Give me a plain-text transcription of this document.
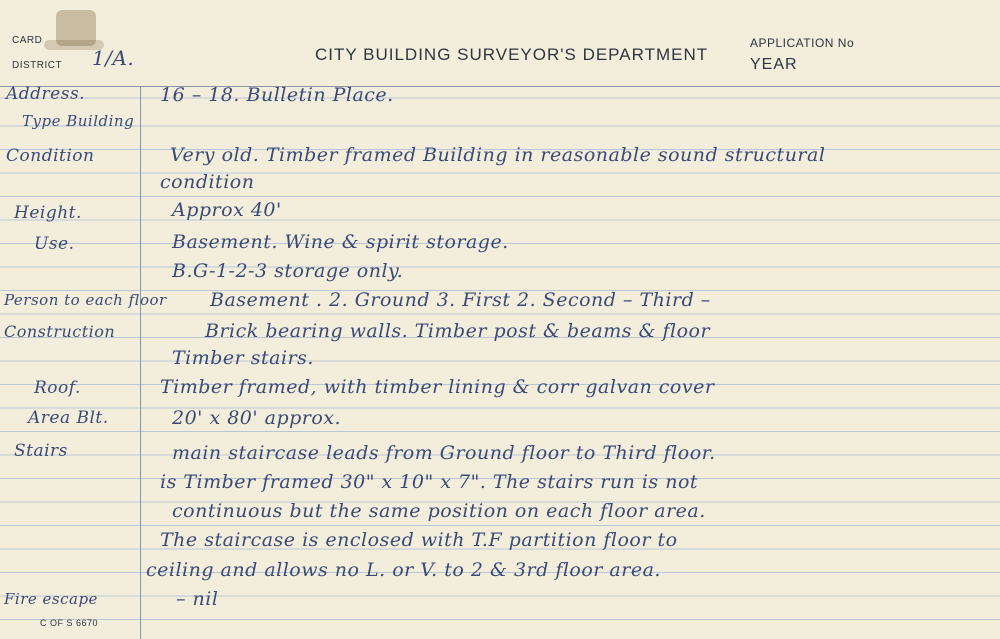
CARD
DISTRICT 1/A.	CITY BUILDING SURVEYOR'S DEPARTMENT
APPLICATION No
YEAR
Address.	16 – 18. Bulletin Place.
Type Building
Condition	Very old. Timber framed Building in reasonable sound structural
condition
Height.	Approx 40'
Use.	Basement. Wine & spirit storage.
B.G-1-2-3 storage only.
Person to each floor Basement . 2. Ground 3. First 2. Second – Third –
Construction	Brick bearing walls. Timber post & beams & floor
Timber stairs.
Roof.	Timber framed, with timber lining & corr galvan cover
Area Blt.	20' x 80' approx.
Stairs	main staircase leads from Ground floor to Third floor.
is Timber framed 30" x 10" x 7". The stairs run is not
continuous but the same position on each floor area.
The staircase is enclosed with T.F partition floor to
ceiling and allows no L. or V. to 2 & 3rd floor area.
Fire escape	– nil
C OF S 6670
